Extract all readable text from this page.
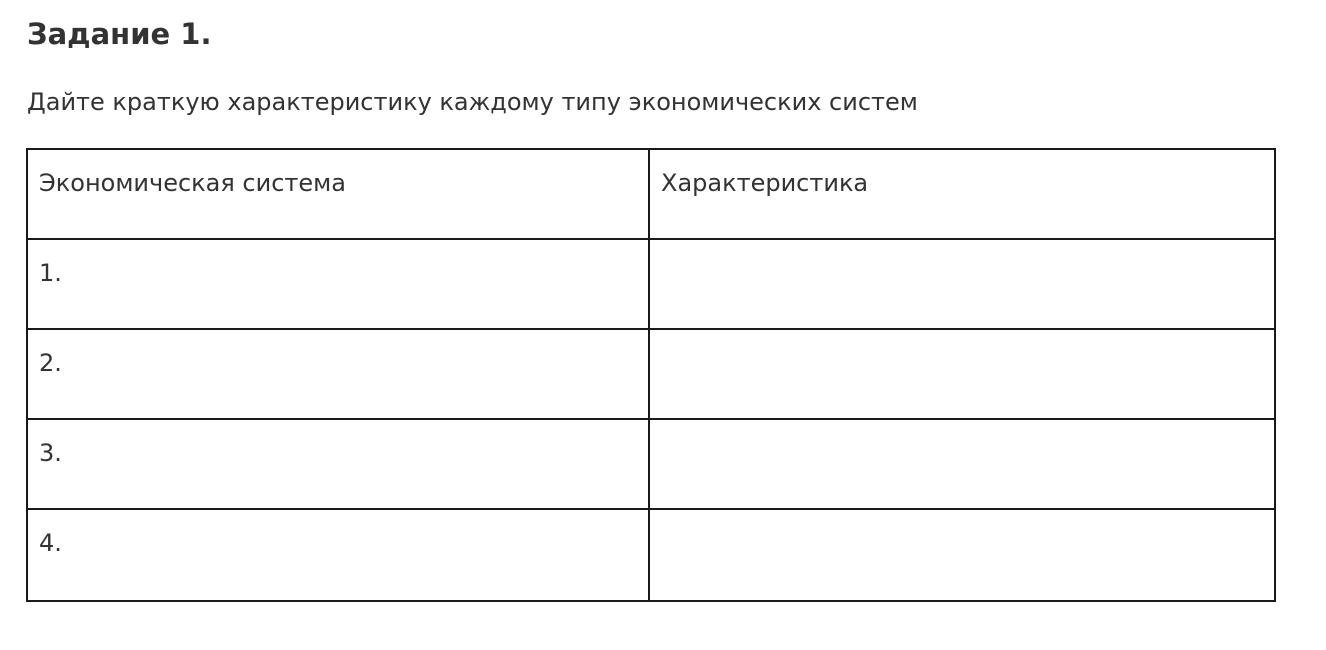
Задание 1.

Дайте краткую характеристику каждому типу экономических систем

Экономическая система	Характеристика
1.	
2.	
3.	
4.	
